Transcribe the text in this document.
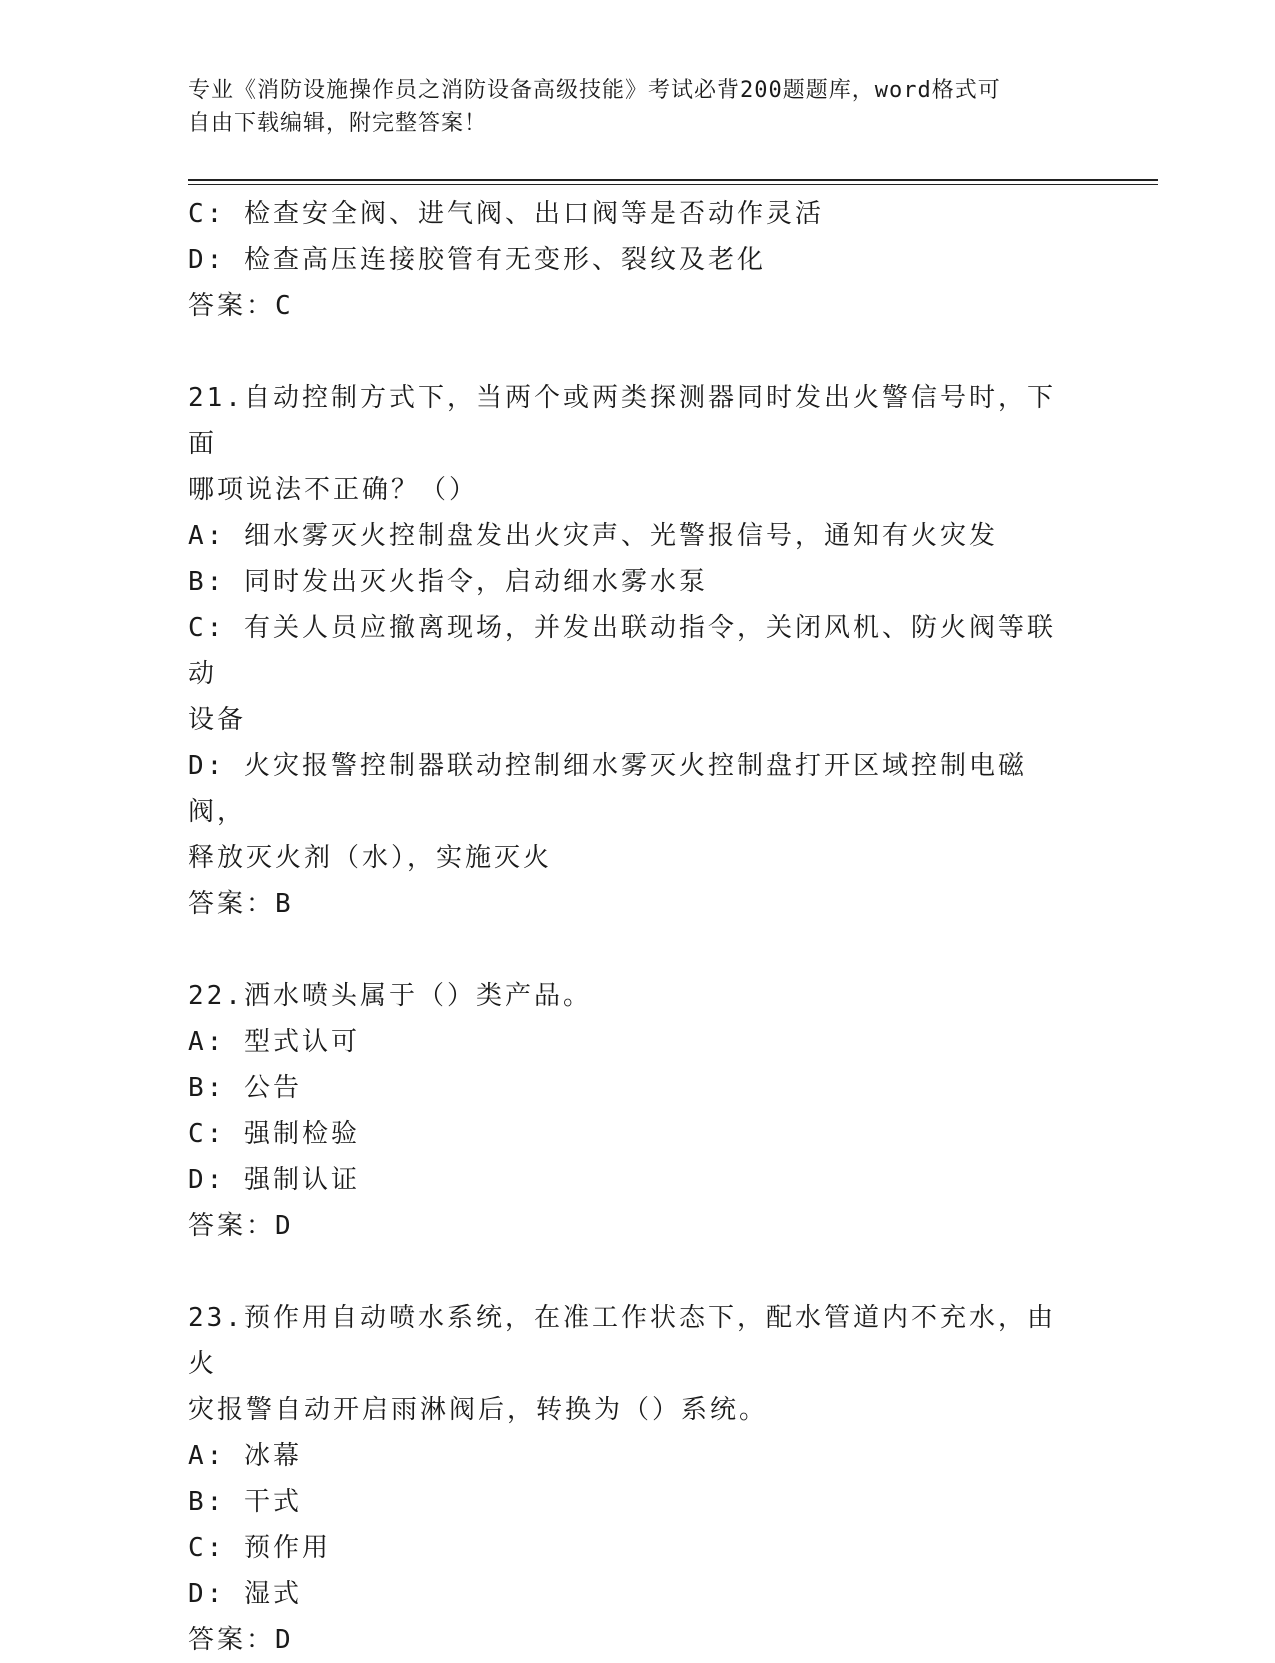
专业《消防设施操作员之消防设备高级技能》考试必背200题题库，word格式可
自由下载编辑，附完整答案！
C: 检查安全阀、进气阀、出口阀等是否动作灵活
D: 检查高压连接胶管有无变形、裂纹及老化
答案：C
21.自动控制方式下，当两个或两类探测器同时发出火警信号时，下面
哪项说法不正确？（）
A: 细水雾灭火控制盘发出火灾声、光警报信号，通知有火灾发
B: 同时发出灭火指令，启动细水雾水泵
C: 有关人员应撤离现场，并发出联动指令，关闭风机、防火阀等联动
设备
D: 火灾报警控制器联动控制细水雾灭火控制盘打开区域控制电磁阀，
释放灭火剂（水），实施灭火
答案：B
22.洒水喷头属于（）类产品。
A: 型式认可
B: 公告
C: 强制检验
D: 强制认证
答案：D
23.预作用自动喷水系统，在准工作状态下，配水管道内不充水，由火
灾报警自动开启雨淋阀后，转换为（）系统。
A: 冰幕
B: 干式
C: 预作用
D: 湿式
答案：D
